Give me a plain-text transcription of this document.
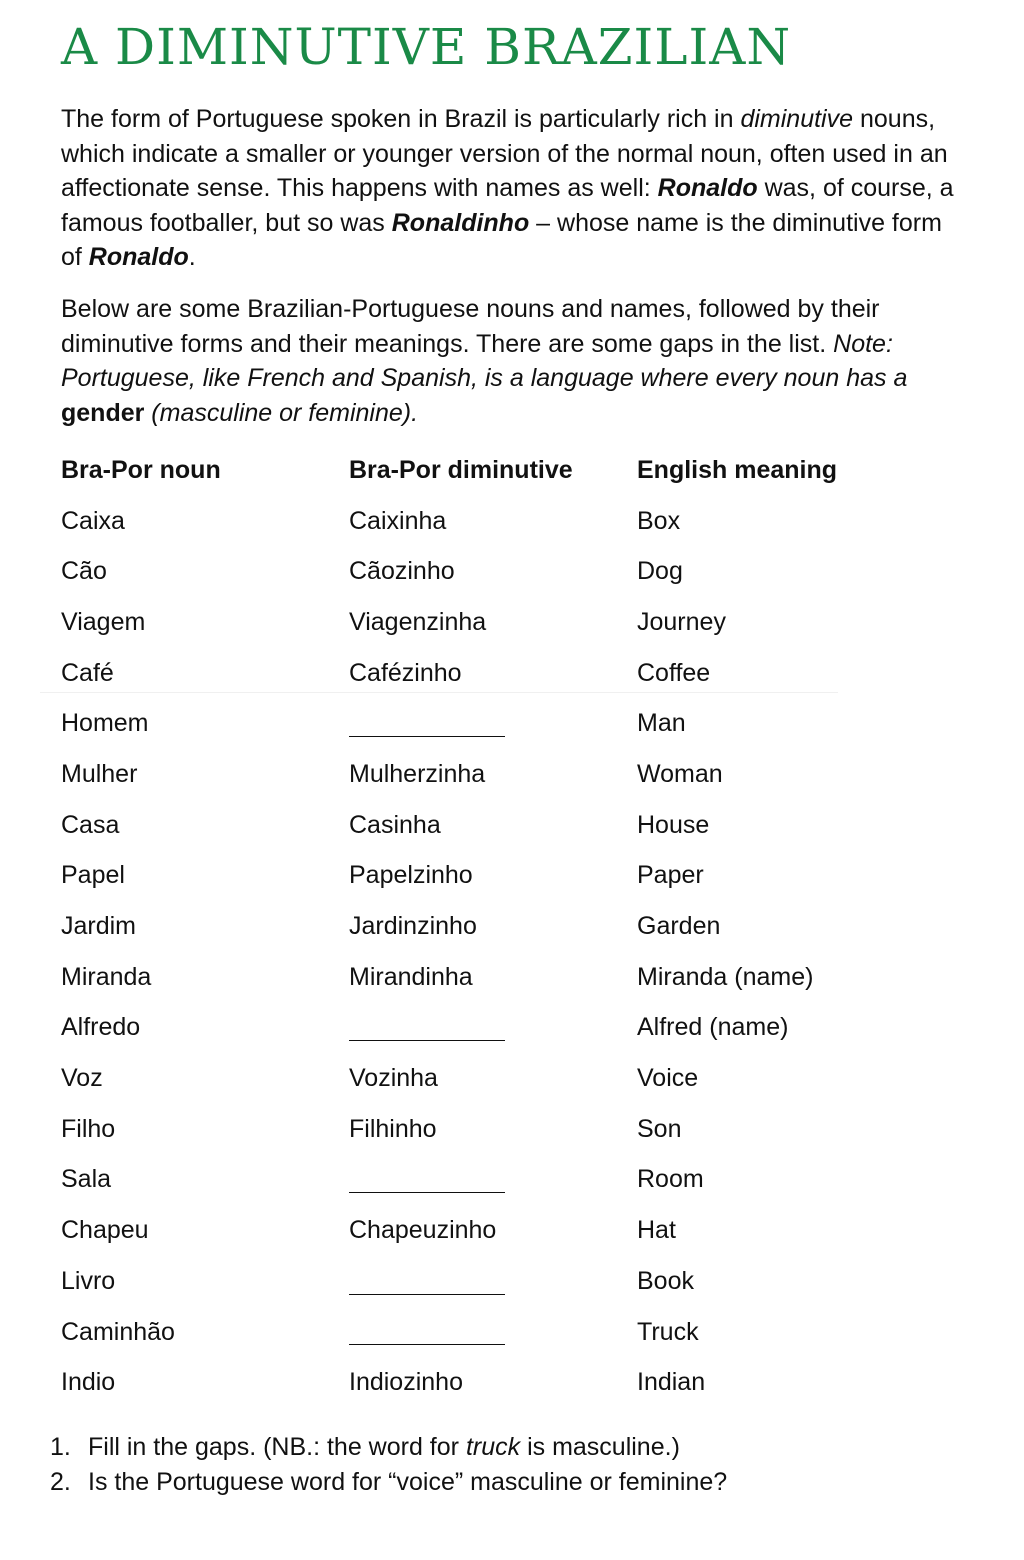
A DIMINUTIVE BRAZILIAN

The form of Portuguese spoken in Brazil is particularly rich in diminutive nouns, which indicate a smaller or younger version of the normal noun, often used in an affectionate sense. This happens with names as well: Ronaldo was, of course, a famous footballer, but so was Ronaldinho – whose name is the diminutive form of Ronaldo.

Below are some Brazilian-Portuguese nouns and names, followed by their diminutive forms and their meanings. There are some gaps in the list. Note: Portuguese, like French and Spanish, is a language where every noun has a gender (masculine or feminine).

Bra-Por noun	Bra-Por diminutive	English meaning
Caixa	Caixinha	Box
Cão	Cãozinho	Dog
Viagem	Viagenzinha	Journey
Café	Cafézinho	Coffee
Homem		Man
Mulher	Mulherzinha	Woman
Casa	Casinha	House
Papel	Papelzinho	Paper
Jardim	Jardinzinho	Garden
Miranda	Mirandinha	Miranda (name)
Alfredo		Alfred (name)
Voz	Vozinha	Voice
Filho	Filhinho	Son
Sala		Room
Chapeu	Chapeuzinho	Hat
Livro		Book
Caminhão		Truck
Indio	Indiozinho	Indian
1. Fill in the gaps. (NB.: the word for truck is masculine.)
2. Is the Portuguese word for “voice” masculine or feminine?
